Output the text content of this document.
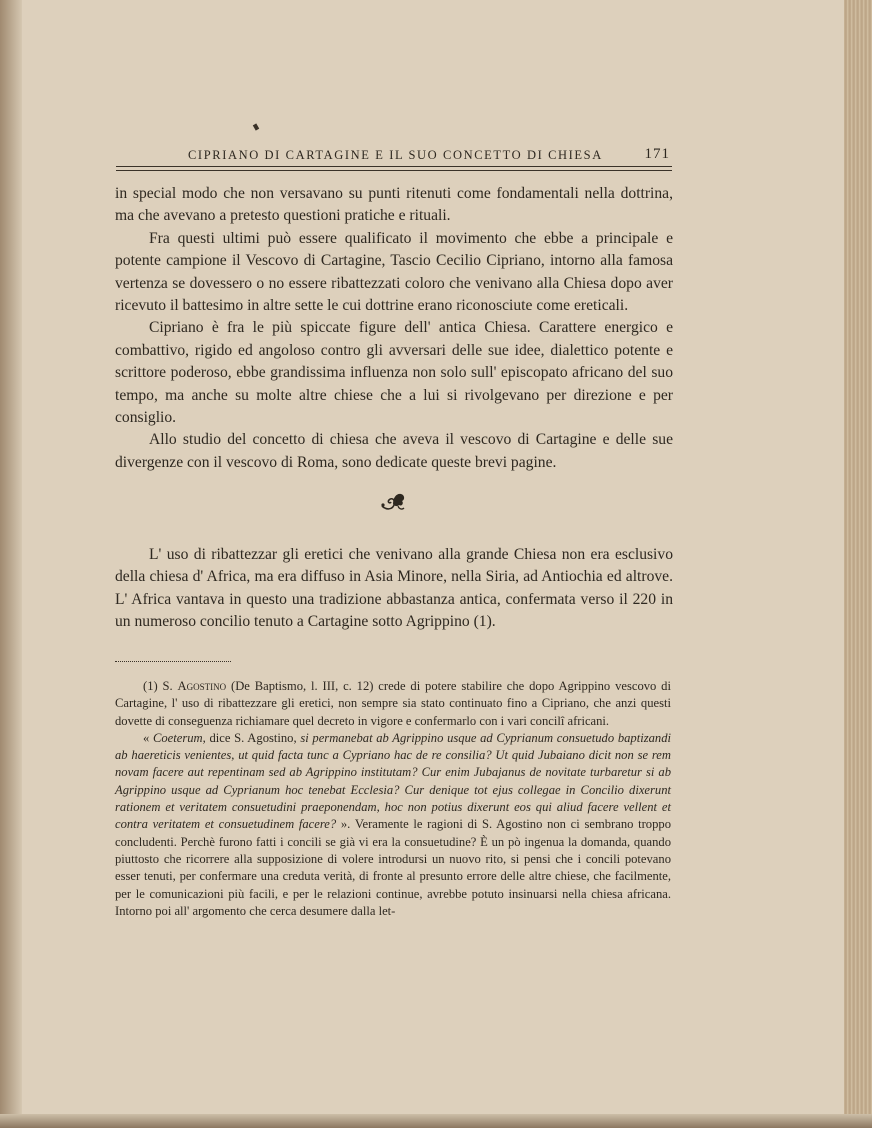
CIPRIANO DI CARTAGINE E IL SUO CONCETTO DI CHIESA	171

in special modo che non versavano su punti ritenuti come fondamentali nella dottrina, ma che avevano a pretesto questioni pratiche e rituali.

Fra questi ultimi può essere qualificato il movimento che ebbe a principale e potente campione il Vescovo di Cartagine, Tascio Cecilio Cipriano, intorno alla famosa vertenza se dovessero o no essere ribattezzati coloro che venivano alla Chiesa dopo aver ricevuto il battesimo in altre sette le cui dottrine erano riconosciute come ereticali.

Cipriano è fra le più spiccate figure dell' antica Chiesa. Carattere energico e combattivo, rigido ed angoloso contro gli avversari delle sue idee, dialettico potente e scrittore poderoso, ebbe grandissima influenza non solo sull' episcopato africano del suo tempo, ma anche su molte altre chiese che a lui si rivolgevano per direzione e per consiglio.

Allo studio del concetto di chiesa che aveva il vescovo di Cartagine e delle sue divergenze con il vescovo di Roma, sono dedicate queste brevi pagine.

L' uso di ribattezzar gli eretici che venivano alla grande Chiesa non era esclusivo della chiesa d' Africa, ma era diffuso in Asia Minore, nella Siria, ad Antiochia ed altrove. L' Africa vantava in questo una tradizione abbastanza antica, confermata verso il 220 in un numeroso concilio tenuto a Cartagine sotto Agrippino (1).

(1) S. Agostino (De Baptismo, l. III, c. 12) crede di potere stabilire che dopo Agrippino vescovo di Cartagine, l' uso di ribattezzare gli eretici, non sempre sia stato continuato fino a Cipriano, che anzi questi dovette di conseguenza richiamare quel decreto in vigore e confermarlo con i vari concilî africani.

« Coeterum, dice S. Agostino, si permanebat ab Agrippino usque ad Cyprianum consuetudo baptizandi ab haereticis venientes, ut quid facta tunc a Cypriano hac de re consilia? Ut quid Jubaiano dicit non se rem novam facere aut repentinam sed ab Agrippino institutam? Cur enim Jubajanus de novitate turbaretur si ab Agrippino usque ad Cyprianum hoc tenebat Ecclesia? Cur denique tot ejus collegae in Concilio dixerunt rationem et veritatem consuetudini praeponendam, hoc non potius dixerunt eos qui aliud facere vellent et contra veritatem et consuetudinem facere? ». Veramente le ragioni di S. Agostino non ci sembrano troppo concludenti. Perchè furono fatti i concili se già vi era la consuetudine? È un pò ingenua la domanda, quando piuttosto che ricorrere alla supposizione di volere introdursi un nuovo rito, si pensi che i concili potevano esser tenuti, per confermare una creduta verità, di fronte al presunto errore delle altre chiese, che facilmente, per le comunicazioni più facili, e per le relazioni continue, avrebbe potuto insinuarsi nella chiesa africana. Intorno poi all' argomento che cerca desumere dalla let-
